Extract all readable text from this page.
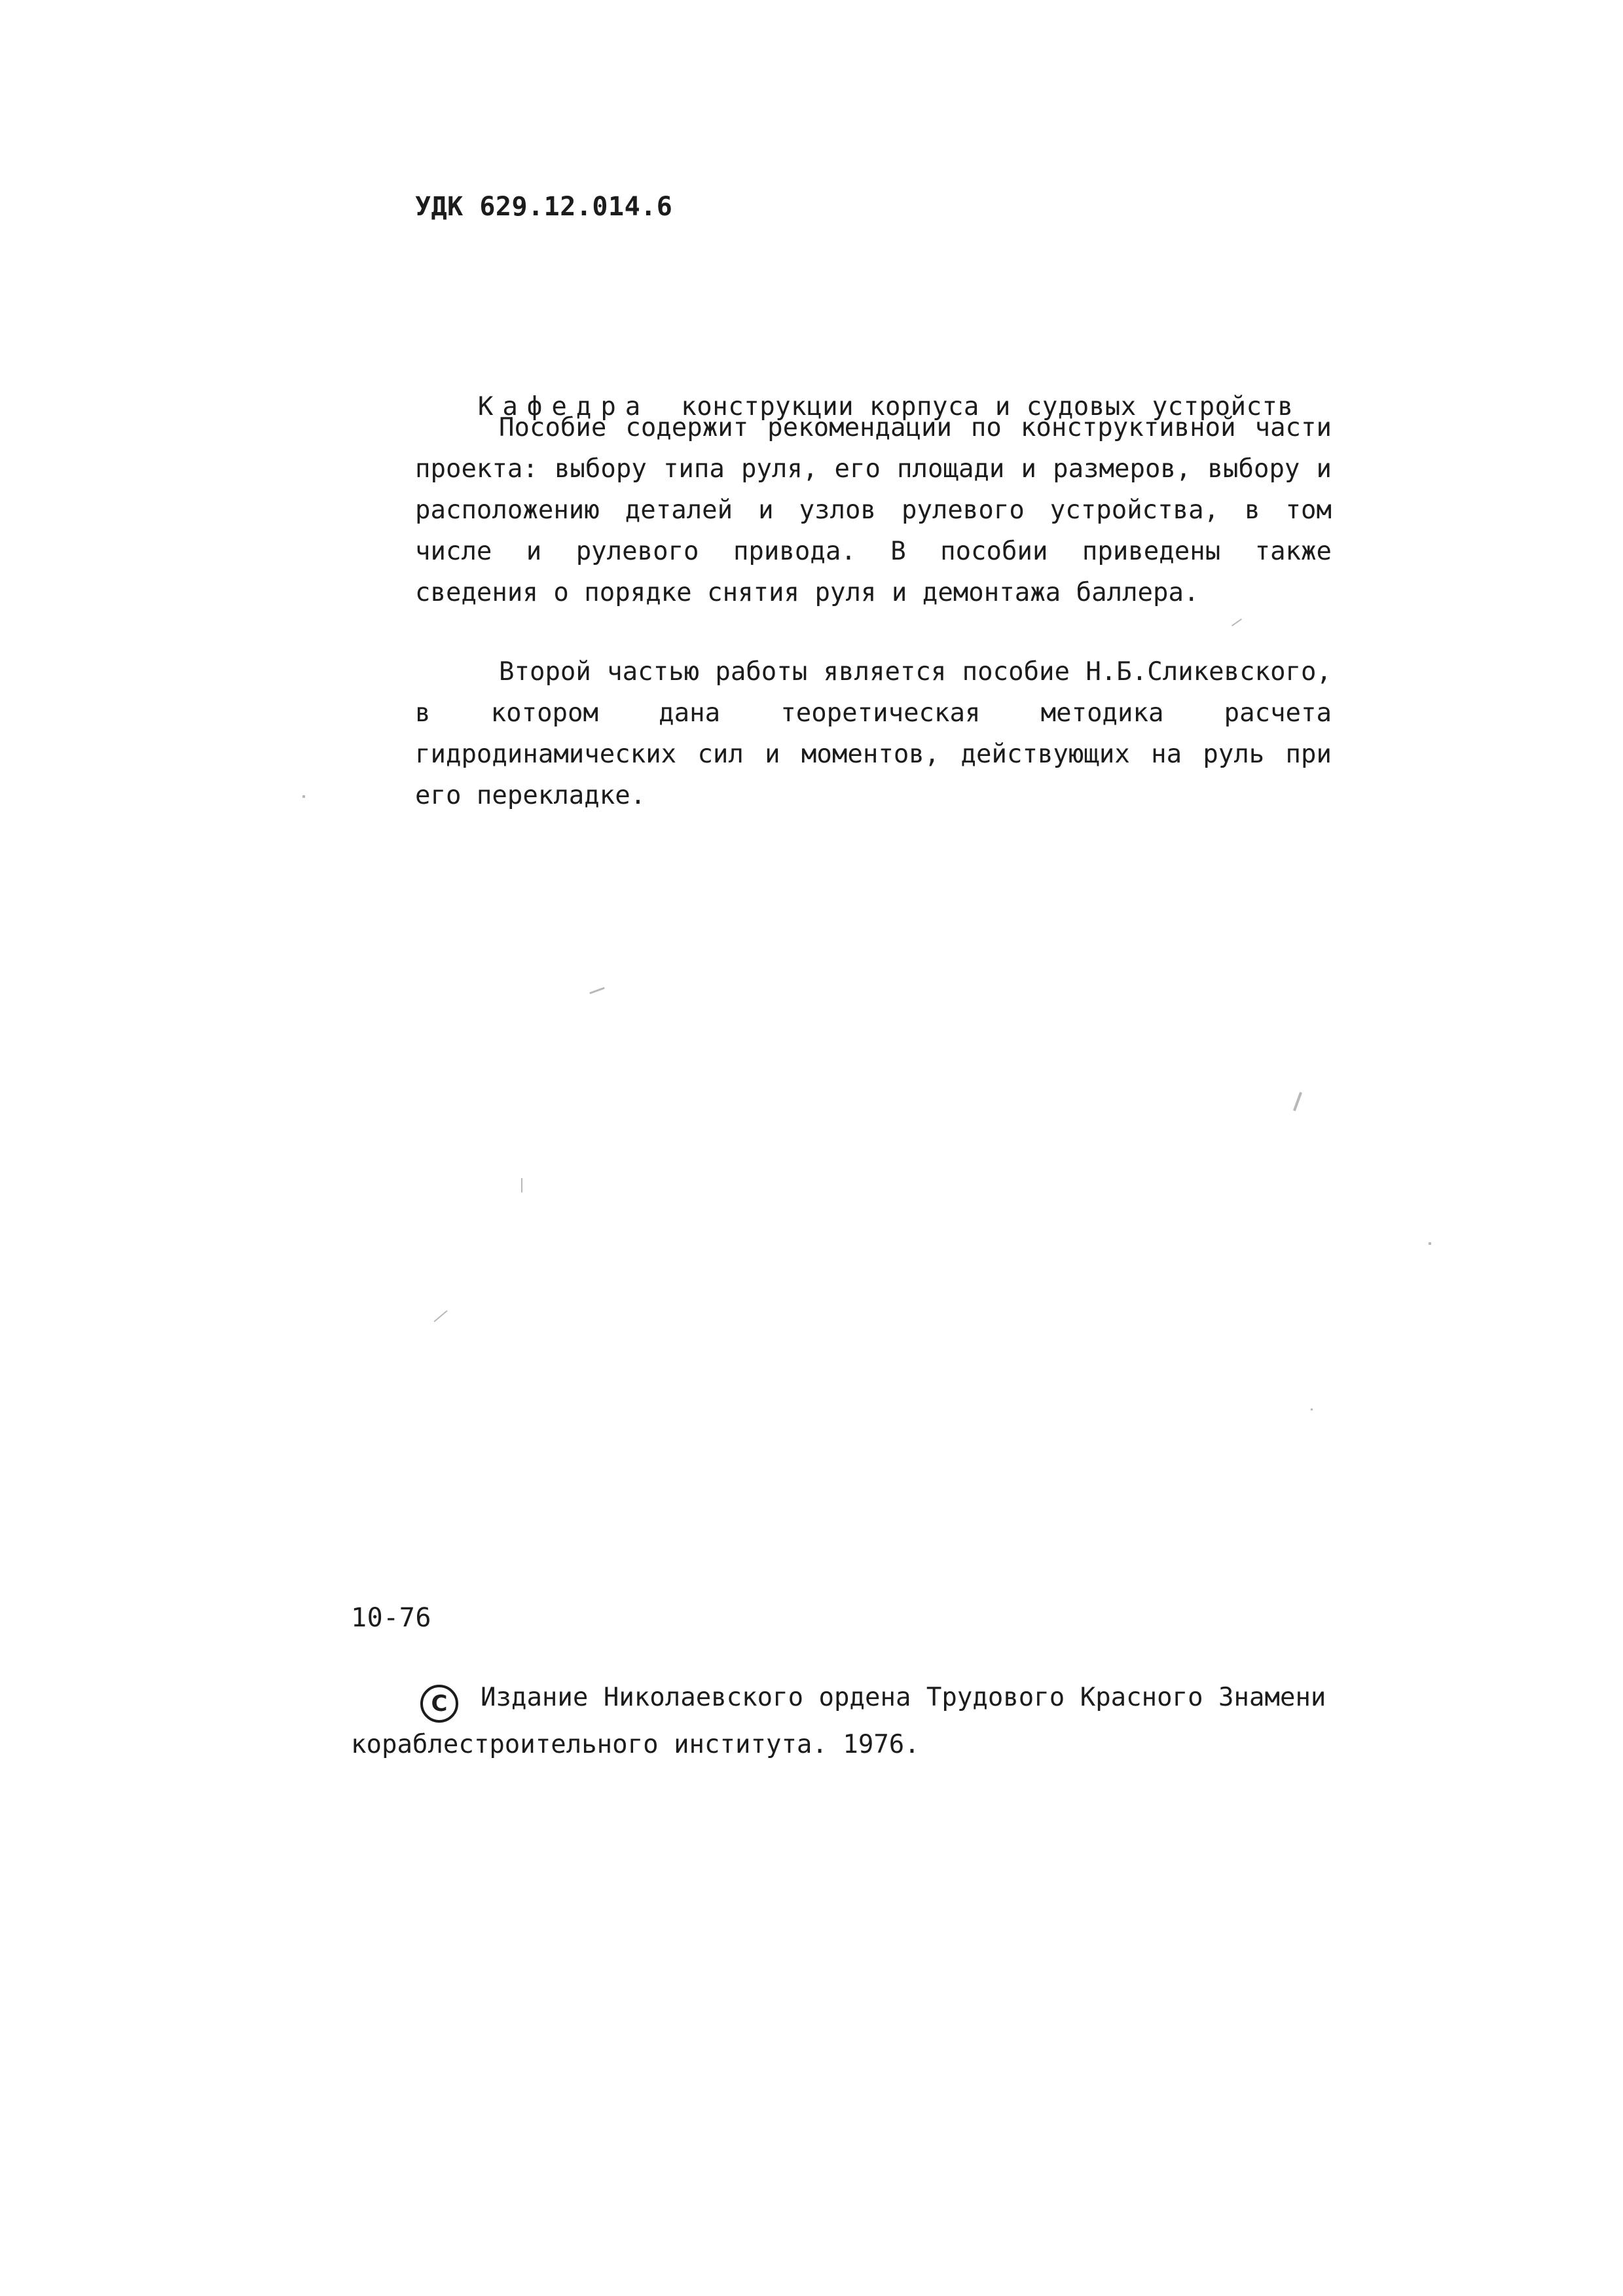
УДК 629.12.014.6

Кафедра конструкции корпуса и судовых устройств

Пособие содержит рекомендации по конструктивной части проекта: выбору типа руля, его площади и размеров, выбору и расположению деталей и узлов рулевого устройства, в том числе и рулевого привода. В пособии приведены также сведения о порядке снятия руля и демонтажа баллера.

Второй частью работы является пособие Н.Б.Сликевского, в котором дана теоретическая методика расчета гидродинамических сил и моментов, действующих на руль при его перекладке.

10-76

C Издание Николаевского ордена Трудового Красного Знамени кораблестроительного института. 1976.
